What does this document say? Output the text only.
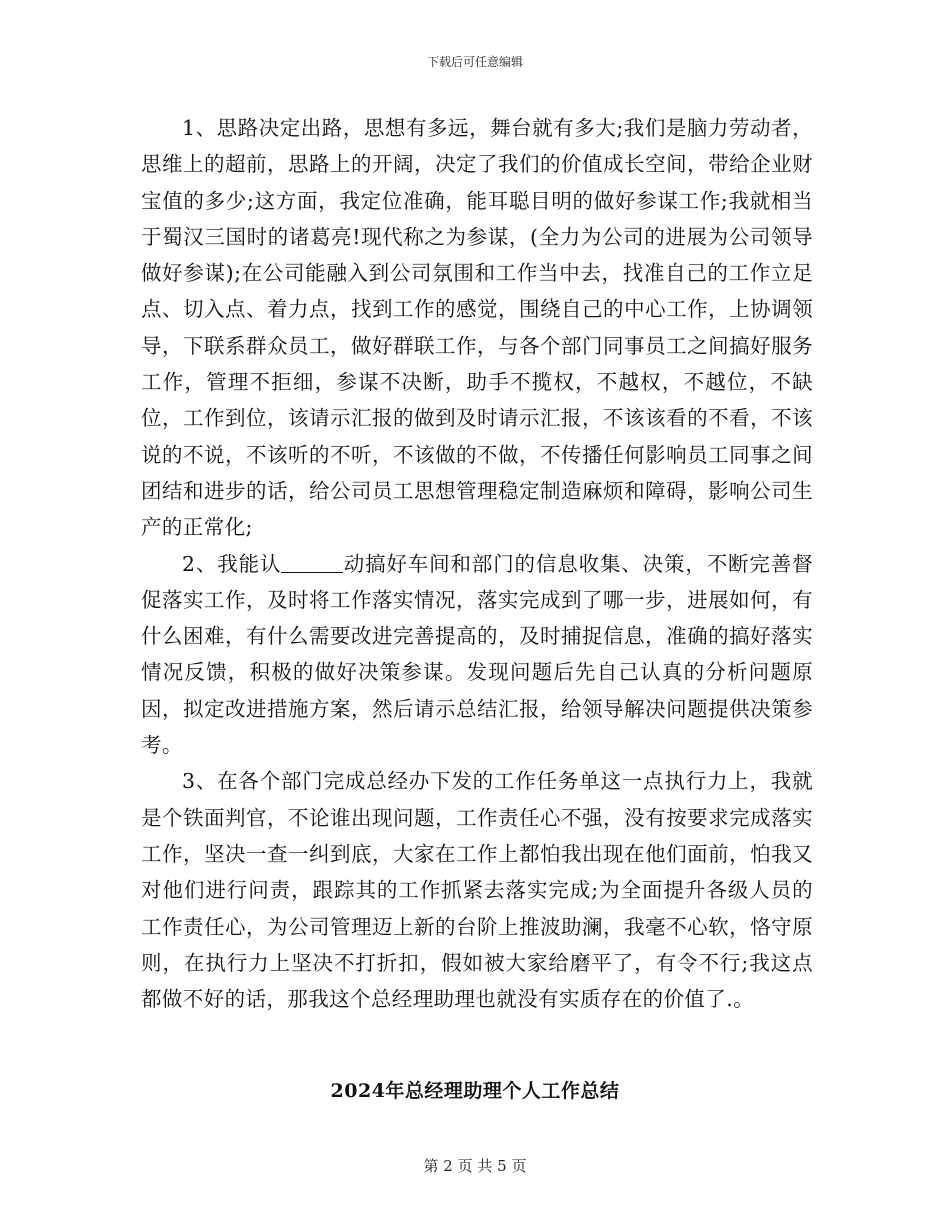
下载后可任意编辑

1、思路决定出路，思想有多远，舞台就有多大;我们是脑力劳动者，思维上的超前，思路上的开阔，决定了我们的价值成长空间，带给企业财宝值的多少;这方面，我定位准确，能耳聪目明的做好参谋工作;我就相当于蜀汉三国时的诸葛亮!现代称之为参谋，(全力为公司的进展为公司领导做好参谋);在公司能融入到公司氛围和工作当中去，找准自己的工作立足点、切入点、着力点，找到工作的感觉，围绕自己的中心工作，上协调领导，下联系群众员工，做好群联工作，与各个部门同事员工之间搞好服务工作，管理不拒细，参谋不决断，助手不揽权，不越权，不越位，不缺位，工作到位，该请示汇报的做到及时请示汇报，不该该看的不看，不该说的不说，不该听的不听，不该做的不做，不传播任何影响员工同事之间团结和进步的话，给公司员工思想管理稳定制造麻烦和障碍，影响公司生产的正常化;

2、我能认	动搞好车间和部门的信息收集、决策，不断完善督促落实工作，及时将工作落实情况，落实完成到了哪一步，进展如何，有什么困难，有什么需要改进完善提高的，及时捕捉信息，准确的搞好落实情况反馈，积极的做好决策参谋。发现问题后先自己认真的分析问题原因，拟定改进措施方案，然后请示总结汇报，给领导解决问题提供决策参考。

3、在各个部门完成总经办下发的工作任务单这一点执行力上，我就是个铁面判官，不论谁出现问题，工作责任心不强，没有按要求完成落实工作，坚决一查一纠到底，大家在工作上都怕我出现在他们面前，怕我又对他们进行问责，跟踪其的工作抓紧去落实完成;为全面提升各级人员的工作责任心，为公司管理迈上新的台阶上推波助澜，我毫不心软，恪守原则，在执行力上坚决不打折扣，假如被大家给磨平了，有令不行;我这点都做不好的话，那我这个总经理助理也就没有实质存在的价值了.。

2024年总经理助理个人工作总结
第 2 页 共 5 页
